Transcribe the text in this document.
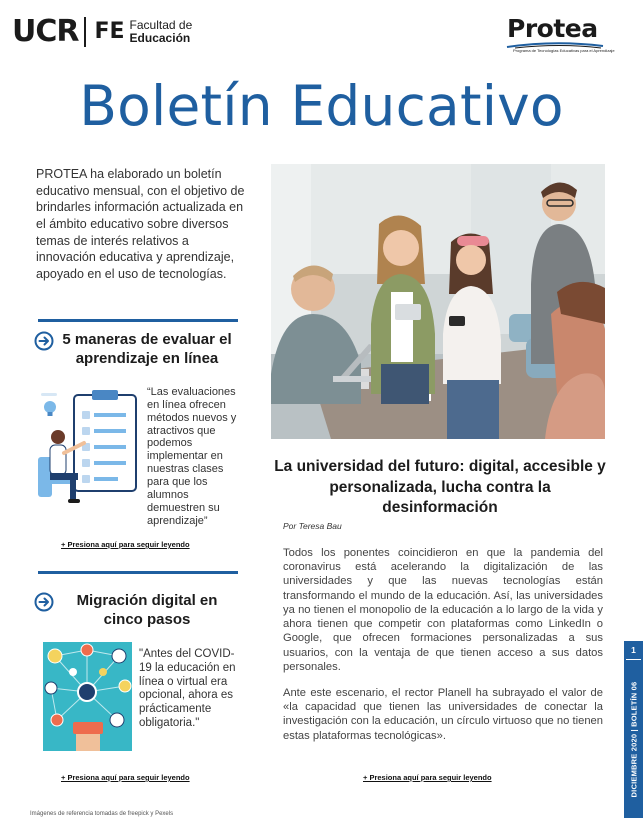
UCR FE Facultad de
Educación	Protea
Programa de Tecnologías Educativas para el Aprendizaje
Boletín Educativo

PROTEA ha elaborado un boletín educativo mensual, con el objetivo de brindarles información actualizada en el ámbito educativo sobre diversos temas de interés relativos a innovación educativa y aprendizaje, apoyado en el uso de tecnologías.

5 maneras de evaluar el aprendizaje en línea

“Las evaluaciones en línea ofrecen métodos nuevos y atractivos que podemos implementar en nuestras clases para que los alumnos demuestren su aprendizaje”

+ Presiona aquí para seguir leyendo
Migración digital en cinco pasos

"Antes del COVID-19 la educación en línea o virtual era opcional, ahora es prácticamente obligatoria."

+ Presiona aquí para seguir leyendo
La universidad del futuro: digital, accesible y personalizada, lucha contra la desinformación
Por Teresa Bau

Todos los ponentes coincidieron en que la pandemia del coronavirus está acelerando la digitalización de las universidades y que las nuevas tecnologías están transformando el mundo de la educación. Así, las universidades ya no tienen el monopolio de la educación a lo largo de la vida y ahora tienen que competir con plataformas como LinkedIn o Google, que ofrecen formaciones personalizadas a sus usuarios, con la ventaja de que tienen acceso a sus datos personales.

Ante este escenario, el rector Planell ha subrayado el valor de «la capacidad que tienen las universidades de conectar la investigación con la educación, un círculo virtuoso que no tienen estas plataformas tecnológicas».

+ Presiona aquí para seguir leyendo
Imágenes de referencia tomadas de freepick y Pexels
1
DICIEMBRE 2020 | BOLETÍN 06
